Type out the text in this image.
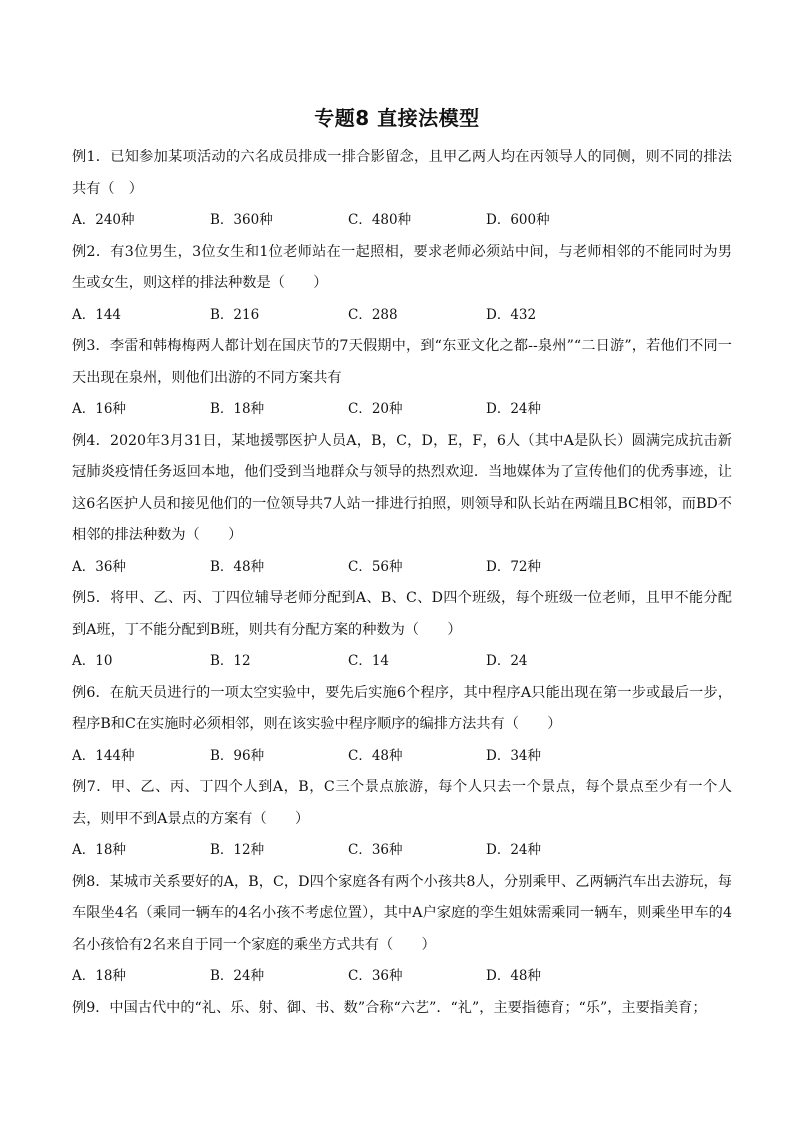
专题8 直接法模型

例1．已知参加某项活动的六名成员排成一排合影留念，且甲乙两人均在丙领导人的同侧，则不同的排法共有（　）

A．240种	B．360种	C．480种	D．600种

例2．有3位男生，3位女生和1位老师站在一起照相，要求老师必须站中间，与老师相邻的不能同时为男生或女生，则这样的排法种数是（　　）

A．144	B．216	C．288	D．432

例3．李雷和韩梅梅两人都计划在国庆节的7天假期中，到“东亚文化之都--泉州”“二日游”，若他们不同一天出现在泉州，则他们出游的不同方案共有

A．16种	B．18种	C．20种	D．24种

例4．2020年3月31日，某地援鄂医护人员A，B，C，D，E，F，6人（其中A是队长）圆满完成抗击新冠肺炎疫情任务返回本地，他们受到当地群众与领导的热烈欢迎．当地媒体为了宣传他们的优秀事迹，让这6名医护人员和接见他们的一位领导共7人站一排进行拍照，则领导和队长站在两端且BC相邻，而BD不相邻的排法种数为（　　）

A．36种	B．48种	C．56种	D．72种

例5．将甲、乙、丙、丁四位辅导老师分配到A、B、C、D四个班级，每个班级一位老师，且甲不能分配到A班，丁不能分配到B班，则共有分配方案的种数为（　　）

A．10	B．12	C．14	D．24

例6．在航天员进行的一项太空实验中，要先后实施6个程序，其中程序A只能出现在第一步或最后一步，程序B和C在实施时必须相邻，则在该实验中程序顺序的编排方法共有（　　）

A．144种	B．96种	C．48种	D．34种

例7．甲、乙、丙、丁四个人到A，B，C三个景点旅游，每个人只去一个景点，每个景点至少有一个人去，则甲不到A景点的方案有（　　）

A．18种	B．12种	C．36种	D．24种

例8．某城市关系要好的A，B，C，D四个家庭各有两个小孩共8人，分别乘甲、乙两辆汽车出去游玩，每车限坐4名（乘同一辆车的4名小孩不考虑位置），其中A户家庭的孪生姐妹需乘同一辆车，则乘坐甲车的4名小孩恰有2名来自于同一个家庭的乘坐方式共有（　　）

A．18种	B．24种	C．36种	D．48种

例9．中国古代中的“礼、乐、射、御、书、数”合称“六艺”．“礼”，主要指德育；“乐”，主要指美育；
